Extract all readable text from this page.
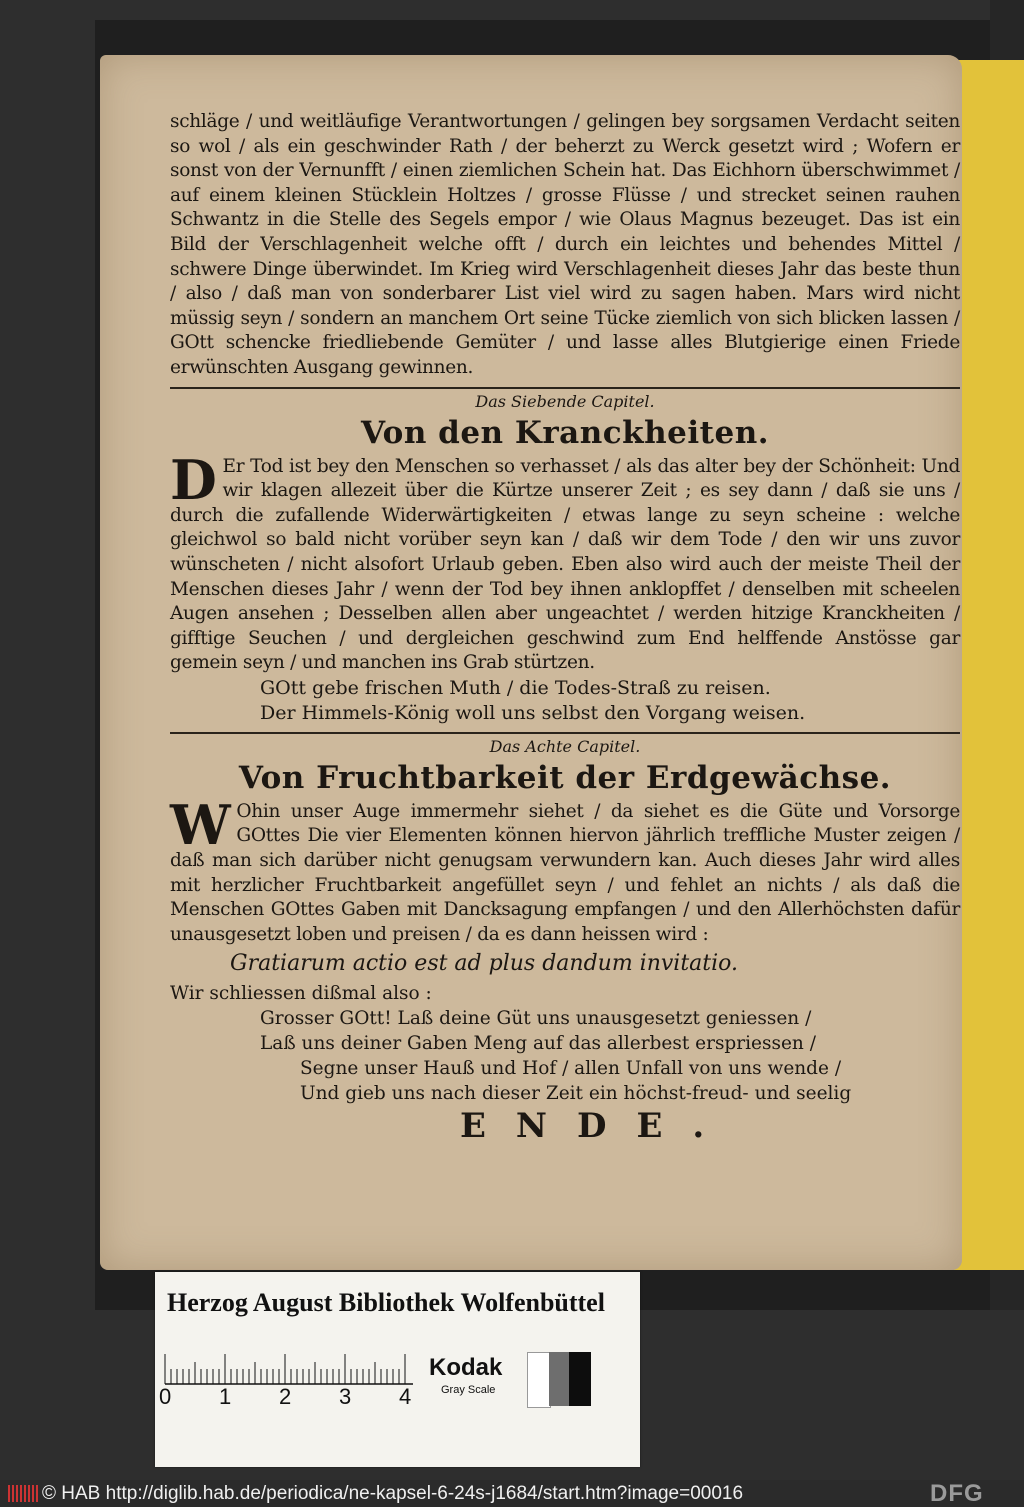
schläge / und weitläufige Verantwortungen / gelingen bey sorgsamen Verdacht seiten so wol / als ein geschwinder Rath / der beherzt zu Werck gesetzt wird ; Wofern er sonst von der Vernunfft / einen ziemlichen Schein hat. Das Eichhorn überschwimmet / auf einem kleinen Stücklein Holtzes / grosse Flüsse / und strecket seinen rauhen Schwantz in die Stelle des Segels empor / wie Olaus Magnus bezeuget. Das ist ein Bild der Verschlagenheit welche offt / durch ein leichtes und behendes Mittel / schwere Dinge überwindet. Im Krieg wird Verschlagenheit dieses Jahr das beste thun / also / daß man von sonderbarer List viel wird zu sagen haben. Mars wird nicht müssig seyn / sondern an manchem Ort seine Tücke ziemlich von sich blicken lassen / GOtt schencke friedliebende Gemüter / und lasse alles Blutgierige einen Friede erwünschten Ausgang gewinnen.

Das Siebende Capitel.
Von den Kranckheiten.

D Er Tod ist bey den Menschen so verhasset / als das alter bey der Schönheit: Und wir klagen allezeit über die Kürtze unserer Zeit ; es sey dann / daß sie uns / durch die zufallende Widerwärtigkeiten / etwas lange zu seyn scheine : welche gleichwol so bald nicht vorüber seyn kan / daß wir dem Tode / den wir uns zuvor wünscheten / nicht alsofort Urlaub geben. Eben also wird auch der meiste Theil der Menschen dieses Jahr / wenn der Tod bey ihnen anklopffet / denselben mit scheelen Augen ansehen ; Desselben allen aber ungeachtet / werden hitzige Kranckheiten / gifftige Seuchen / und dergleichen geschwind zum End helffende Anstösse gar gemein seyn / und manchen ins Grab stürtzen.

GOtt gebe frischen Muth / die Todes-Straß zu reisen.

Der Himmels-König woll uns selbst den Vorgang weisen.

Das Achte Capitel.
Von Fruchtbarkeit der Erdgewächse.

W Ohin unser Auge immermehr siehet / da siehet es die Güte und Vorsorge GOttes Die vier Elementen können hiervon jährlich treffliche Muster zeigen / daß man sich darüber nicht genugsam verwundern kan. Auch dieses Jahr wird alles mit herzlicher Fruchtbarkeit angefüllet seyn / und fehlet an nichts / als daß die Menschen GOttes Gaben mit Dancksagung empfangen / und den Allerhöchsten dafür unausgesetzt loben und preisen / da es dann heissen wird :

Gratiarum actio est ad plus dandum invitatio.

Wir schliessen dißmal also :

Grosser GOtt! Laß deine Güt uns unausgesetzt geniessen /

Laß uns deiner Gaben Meng auf das allerbest erspriessen /

Segne unser Hauß und Hof / allen Unfall von uns wende /

Und gieb uns nach dieser Zeit ein höchst-freud- und seelig

ENDE.
Herzog August Bibliothek Wolfenbüttel
0 1 2 3 4
Kodak
Gray Scale
© HAB http://diglib.hab.de/periodica/ne-kapsel-6-24s-j1684/start.htm?image=00016	DFG
